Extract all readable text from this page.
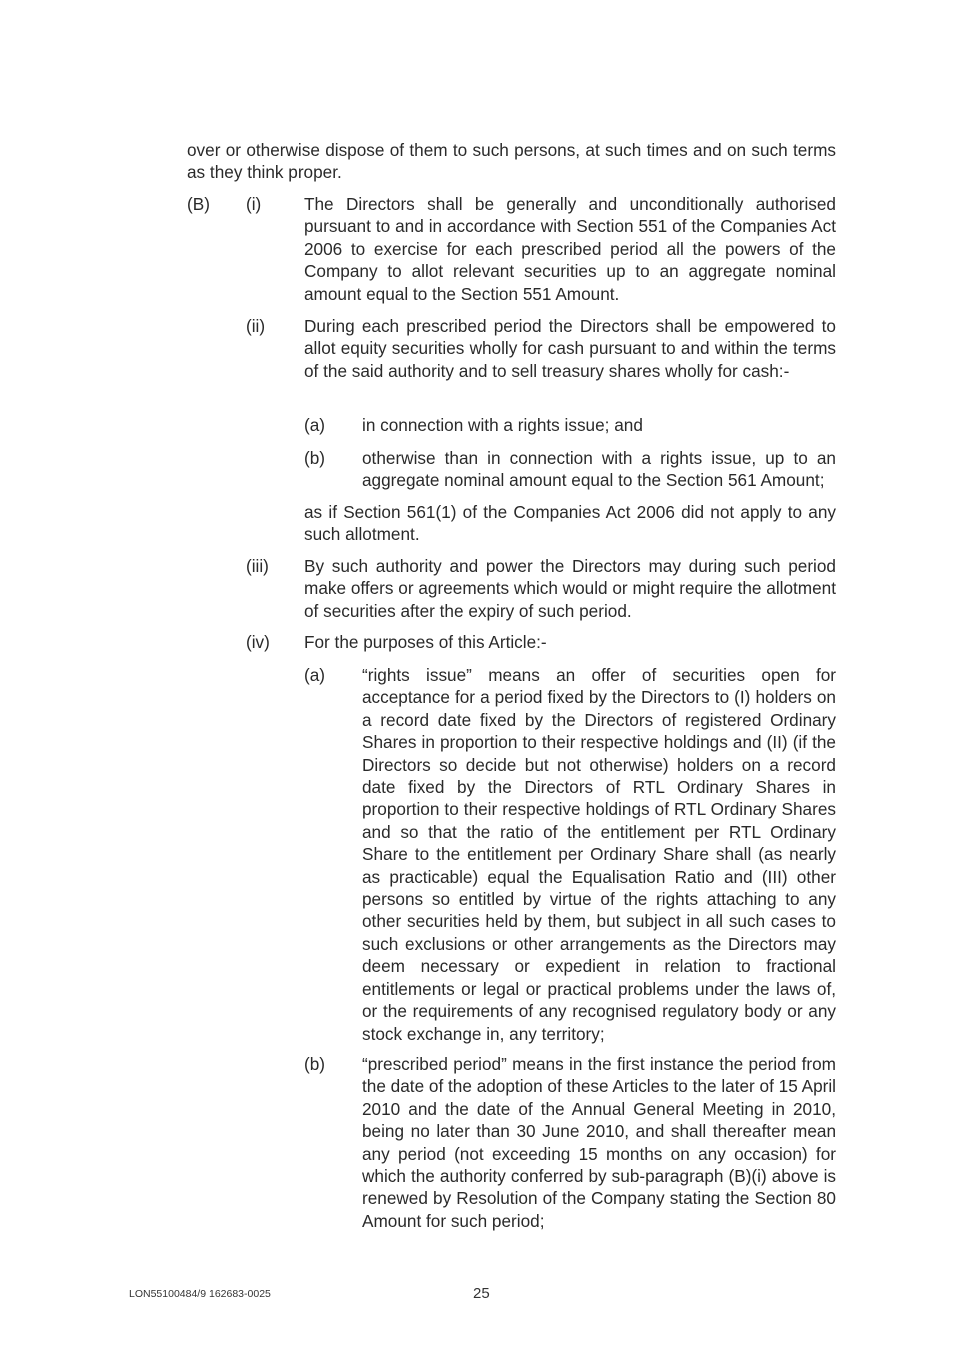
over or otherwise dispose of them to such persons, at such times and on such terms as they think proper.

(B) (i) The Directors shall be generally and unconditionally authorised pursuant to and in accordance with Section 551 of the Companies Act 2006 to exercise for each prescribed period all the powers of the Company to allot relevant securities up to an aggregate nominal amount equal to the Section 551 Amount.

(ii) During each prescribed period the Directors shall be empowered to allot equity securities wholly for cash pursuant to and within the terms of the said authority and to sell treasury shares wholly for cash:-

(a) in connection with a rights issue; and

(b) otherwise than in connection with a rights issue, up to an aggregate nominal amount equal to the Section 561 Amount;

as if Section 561(1) of the Companies Act 2006 did not apply to any such allotment.

(iii) By such authority and power the Directors may during such period make offers or agreements which would or might require the allotment of securities after the expiry of such period.

(iv) For the purposes of this Article:-

(a) “rights issue” means an offer of securities open for acceptance for a period fixed by the Directors to (I) holders on a record date fixed by the Directors of registered Ordinary Shares in proportion to their respective holdings and (II) (if the Directors so decide but not otherwise) holders on a record date fixed by the Directors of RTL Ordinary Shares in proportion to their respective holdings of RTL Ordinary Shares and so that the ratio of the entitlement per RTL Ordinary Share to the entitlement per Ordinary Share shall (as nearly as practicable) equal the Equalisation Ratio and (III) other persons so entitled by virtue of the rights attaching to any other securities held by them, but subject in all such cases to such exclusions or other arrangements as the Directors may deem necessary or expedient in relation to fractional entitlements or legal or practical problems under the laws of, or the requirements of any recognised regulatory body or any stock exchange in, any territory;

(b) “prescribed period” means in the first instance the period from the date of the adoption of these Articles to the later of 15 April 2010 and the date of the Annual General Meeting in 2010, being no later than 30 June 2010, and shall thereafter mean any period (not exceeding 15 months on any occasion) for which the authority conferred by sub-paragraph (B)(i) above is renewed by Resolution of the Company stating the Section 80 Amount for such period;

LON55100484/9 162683-0025	25
